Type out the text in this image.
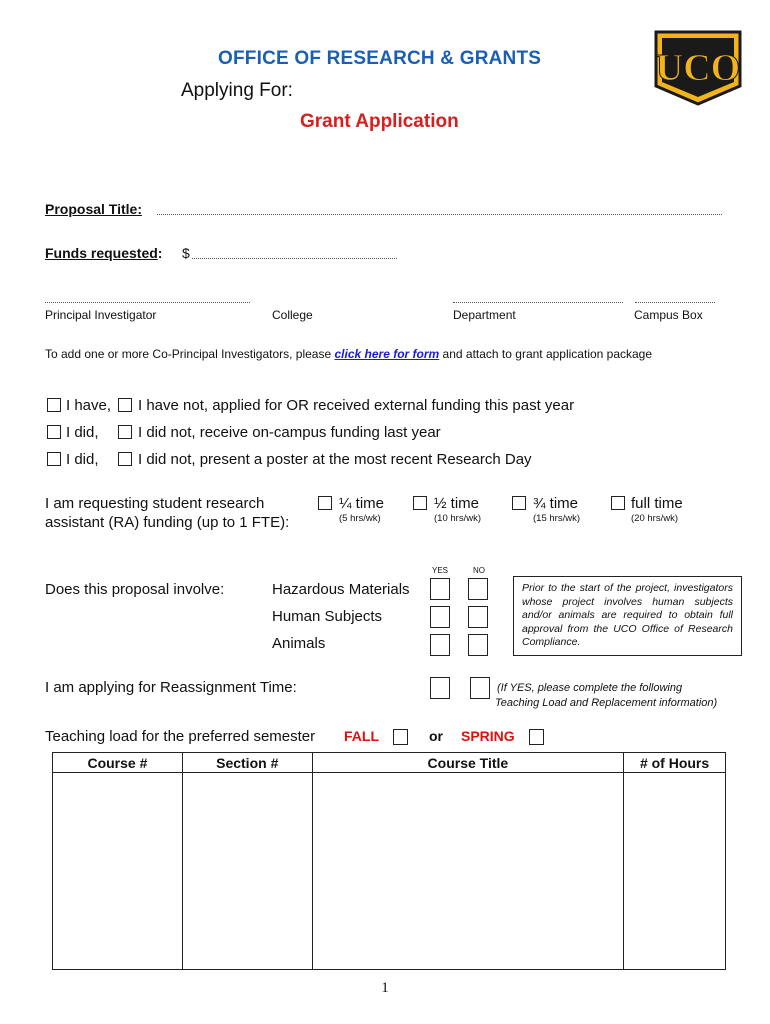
OFFICE OF RESEARCH & GRANTS
Applying For:
Grant Application
UCO
Proposal Title:
Funds requested: $
Principal Investigator	College	Department	Campus Box
To add one or more Co-Principal Investigators, please click here for form and attach to grant application package
I have, I have not, applied for OR received external funding this past year
I did,	I did not, receive on-campus funding last year
I did,	I did not, present a poster at the most recent Research Day
I am requesting student research
assistant (RA) funding (up to 1 FTE):
¼ time
(5 hrs/wk)
½ time
(10 hrs/wk)
¾ time
(15 hrs/wk)
full time
(20 hrs/wk)
YES	NO
Does this proposal involve:	Hazardous Materials
Human Subjects
Animals
Prior to the start of the project, investigators whose project involves human subjects and/or animals are required to obtain full approval from the UCO Office of Research Compliance.
I am applying for Reassignment Time:	(If YES, please complete the following
Teaching Load and Replacement information)
Teaching load for the preferred semester FALL	or SPRING
Course #	Section #	Course Title	# of Hours

1
